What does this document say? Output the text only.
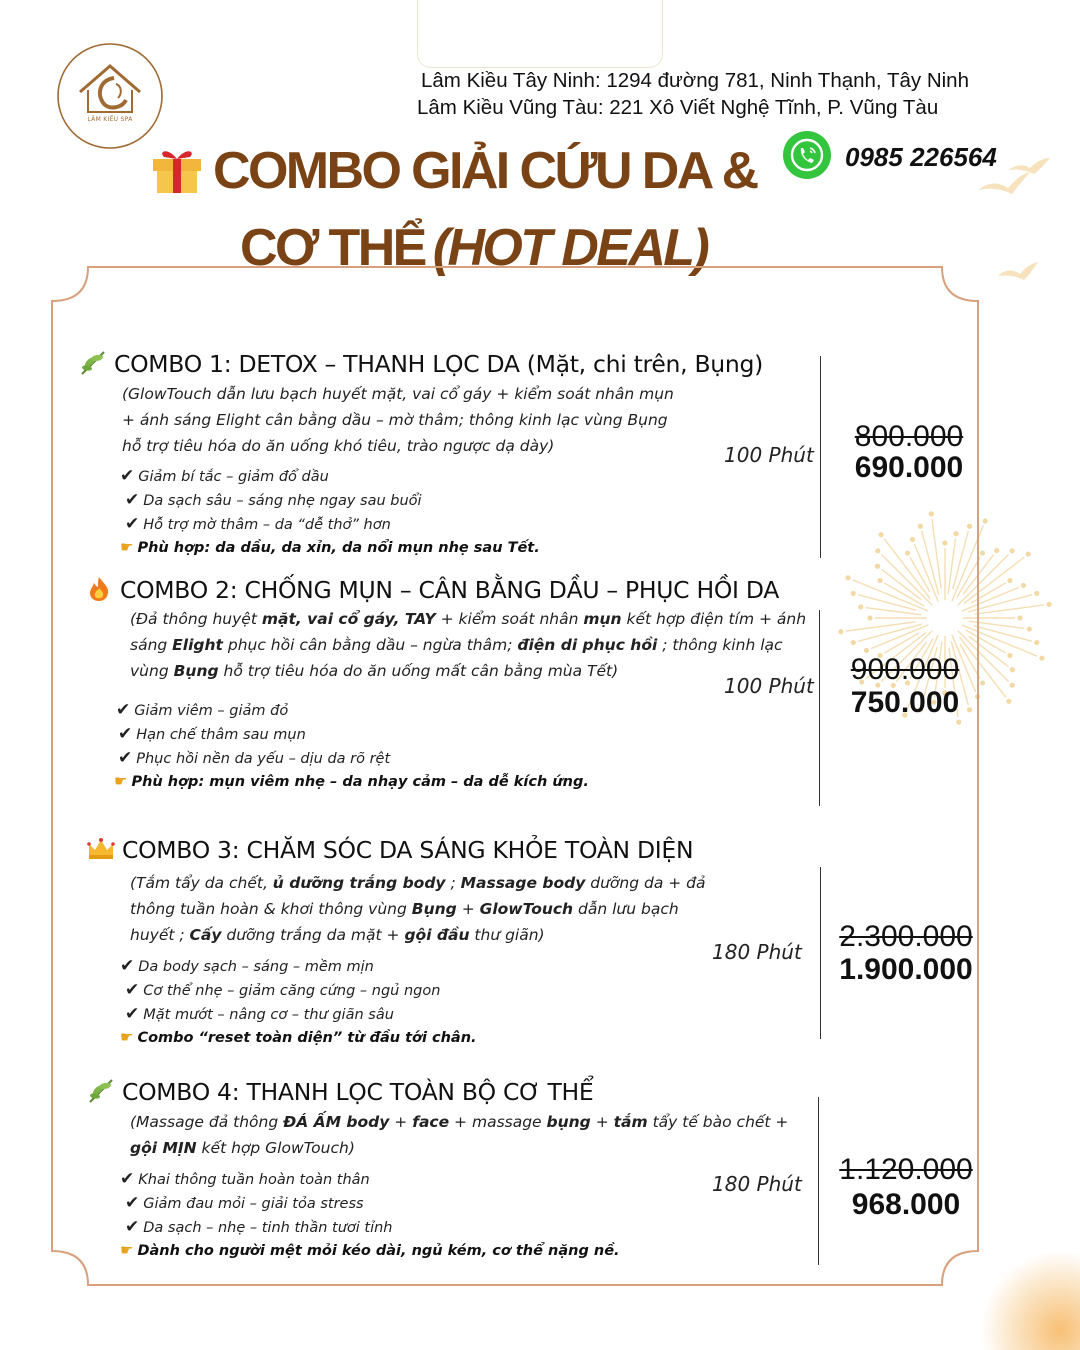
LÂM KIỀU SPA
Lâm Kiều Tây Ninh: 1294 đường 781, Ninh Thạnh, Tây Ninh
Lâm Kiều Vũng Tàu: 221 Xô Viết Nghệ Tĩnh, P. Vũng Tàu
0985 226564
COMBO GIẢI CỨU DA &
CƠ THỂ (HOT DEAL)
COMBO 1: DETOX – THANH LỌC DA (Mặt, chi trên, Bụng)
(GlowTouch dẫn lưu bạch huyết mặt, vai cổ gáy + kiểm soát nhân mụn
+ ánh sáng Elight cân bằng dầu – mờ thâm; thông kinh lạc vùng Bụng
hỗ trợ tiêu hóa do ăn uống khó tiêu, trào ngược dạ dày)
✔ Giảm bí tắc – giảm đổ dầu
✔ Da sạch sâu – sáng nhẹ ngay sau buổi
✔ Hỗ trợ mờ thâm – da “dễ thở” hơn
☛ Phù hợp: da dầu, da xỉn, da nổi mụn nhẹ sau Tết.
100 Phút
800.000
690.000
COMBO 2: CHỐNG MỤN – CÂN BẰNG DẦU – PHỤC HỒI DA
(Đả thông huyệt mặt, vai cổ gáy, TAY + kiểm soát nhân mụn kết hợp điện tím + ánh
sáng Elight phục hồi cân bằng dầu – ngừa thâm; điện di phục hồi ; thông kinh lạc
vùng Bụng hỗ trợ tiêu hóa do ăn uống mất cân bằng mùa Tết)
✔ Giảm viêm – giảm đỏ
✔ Hạn chế thâm sau mụn
✔ Phục hồi nền da yếu – dịu da rõ rệt
☛ Phù hợp: mụn viêm nhẹ – da nhạy cảm – da dễ kích ứng.
100 Phút	900.000
750.000
COMBO 3: CHĂM SÓC DA SÁNG KHỎE TOÀN DIỆN
(Tắm tẩy da chết, ủ dưỡng trắng body ; Massage body dưỡng da + đả
thông tuần hoàn & khơi thông vùng Bụng + GlowTouch dẫn lưu bạch
huyết ; Cấy dưỡng trắng da mặt + gội đầu thư giãn)
✔ Da body sạch – sáng – mềm mịn
✔ Cơ thể nhẹ – giảm căng cứng – ngủ ngon
✔ Mặt mướt – nâng cơ – thư giãn sâu
☛ Combo “reset toàn diện” từ đầu tới chân.
180 Phút	2.300.000
1.900.000
COMBO 4: THANH LỌC TOÀN BỘ CƠ THỂ
(Massage đả thông ĐÁ ẤM body + face + massage bụng + tắm tẩy tế bào chết +
gội MỊN kết hợp GlowTouch)
✔ Khai thông tuần hoàn toàn thân
✔ Giảm đau mỏi – giải tỏa stress
✔ Da sạch – nhẹ – tinh thần tươi tỉnh
☛ Dành cho người mệt mỏi kéo dài, ngủ kém, cơ thể nặng nề.
180 Phút	1.120.000
968.000
